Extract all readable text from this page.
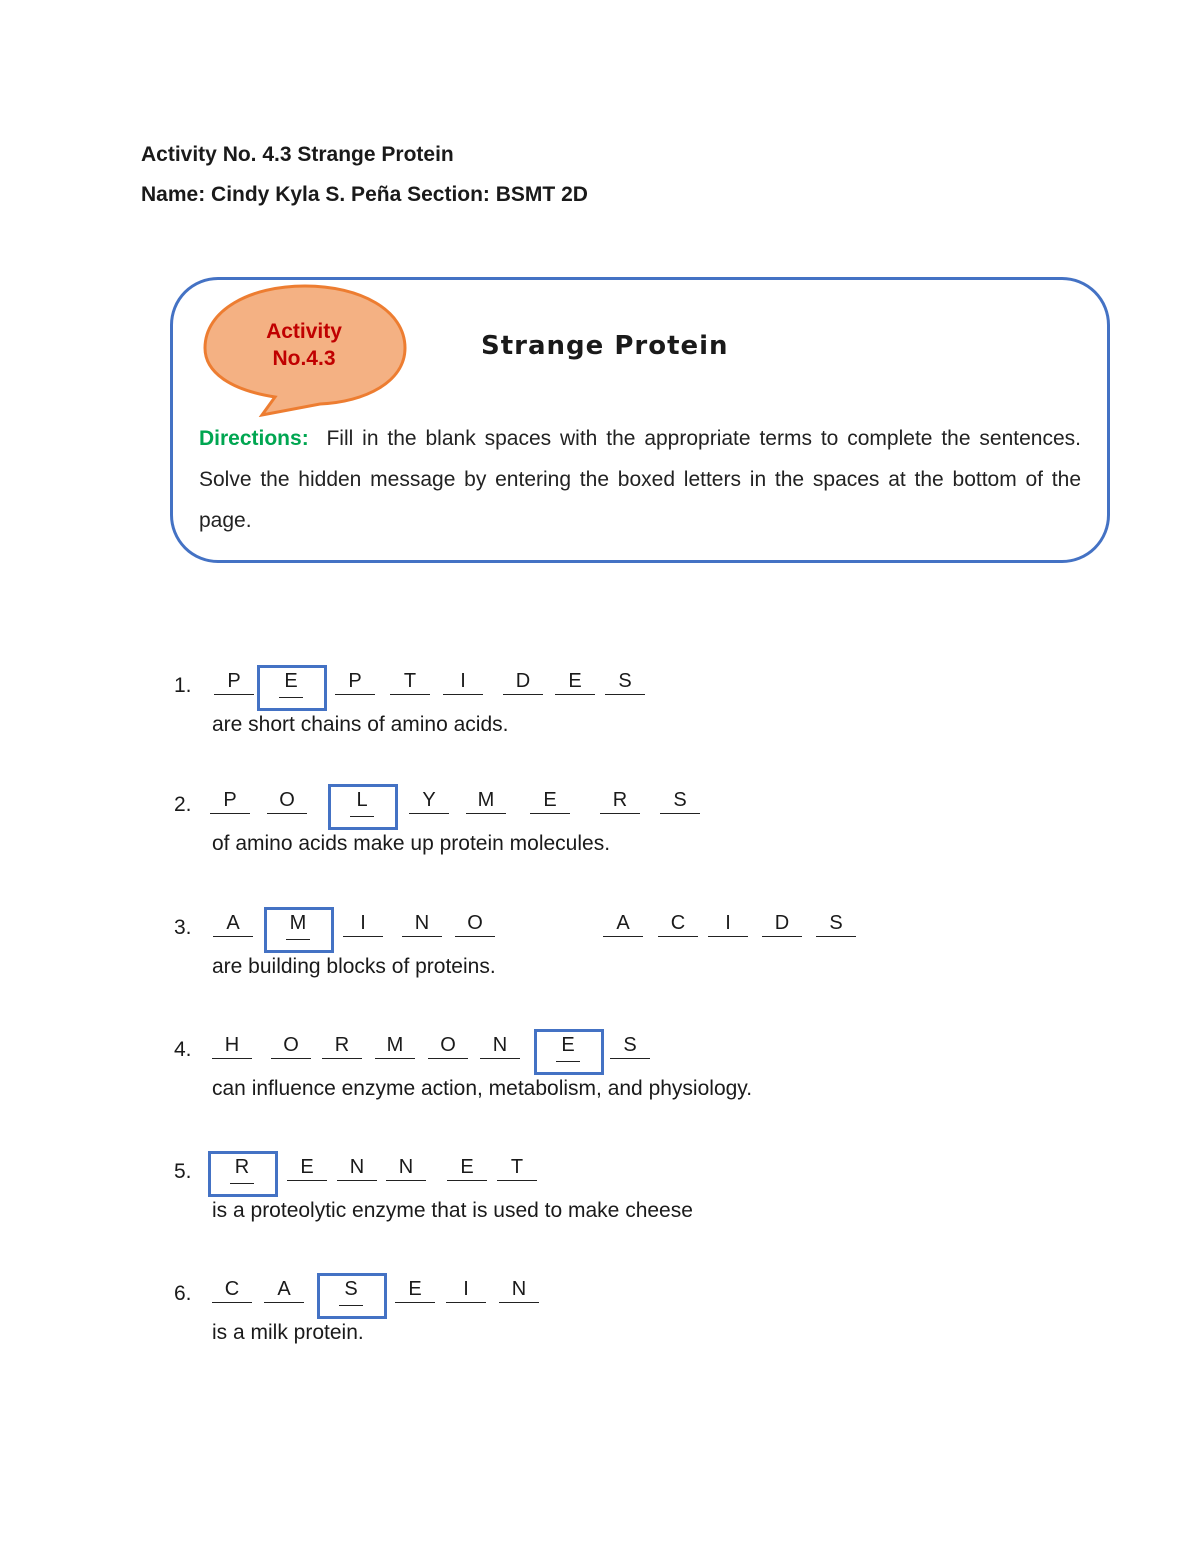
Activity No. 4.3 Strange Protein
Name: Cindy Kyla S. Peña Section: BSMT 2D
Activity
No.4.3	Strange Protein
Directions: Fill in the blank spaces with the appropriate terms to complete the sentences. Solve the hidden message by entering the boxed letters in the spaces at the bottom of the page.
1.	P	E	P	T	I	D	E	S
are short chains of amino acids.
2.	P	O	L	Y	M	E	R	S
of amino acids make up protein molecules.
3.	A	M	I	N	O	A	C	I	D	S
are building blocks of proteins.
4.	H	O	R	M	O	N	E	S
can influence enzyme action, metabolism, and physiology.
5.	R	E	N	N	E	T
is a proteolytic enzyme that is used to make cheese
6.	C	A	S	E	I	N
is a milk protein.
